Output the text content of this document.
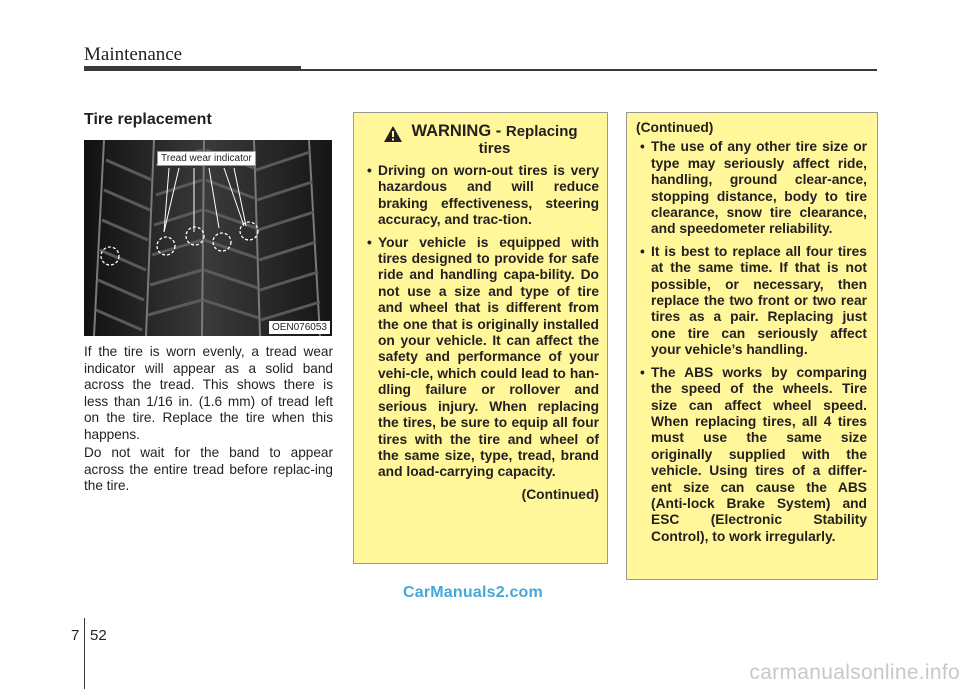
Maintenance
Tire replacement
OEN076053
Tread wear indicator
If the tire is worn evenly, a tread wear indicator will appear as a solid band across the tread. This shows there is less than 1/16 in. (1.6 mm) of tread left on the tire. Replace the tire when this happens.
Do not wait for the band to appear across the entire tread before replac-ing the tire.
WARNING - Replacing
tires
• Driving on worn-out tires is very hazardous and will reduce braking effectiveness, steering accuracy, and trac-tion.
• Your vehicle is equipped with tires designed to provide for safe ride and handling capa-bility. Do not use a size and type of tire and wheel that is different from the one that is originally installed on your vehicle. It can affect the safety and performance of your vehi-cle, which could lead to han-dling failure or rollover and serious injury. When replacing the tires, be sure to equip all four tires with the tire and wheel of the same size, type, tread, brand and load-carrying capacity.
(Continued)
(Continued)
• The use of any other tire size or type may seriously affect ride, handling, ground clear-ance, stopping distance, body to tire clearance, snow tire clearance, and speedometer reliability.
• It is best to replace all four tires at the same time. If that is not possible, or necessary, then replace the two front or two rear tires as a pair. Replacing just one tire can seriously affect your vehicle’s handling.
• The ABS works by comparing the speed of the wheels. Tire size can affect wheel speed. When replacing tires, all 4 tires must use the same size originally supplied with the vehicle. Using tires of a differ-ent size can cause the ABS (Anti-lock Brake System) and ESC (Electronic Stability Control), to work irregularly.
CarManuals2.com
7 52
carmanualsonline.info
